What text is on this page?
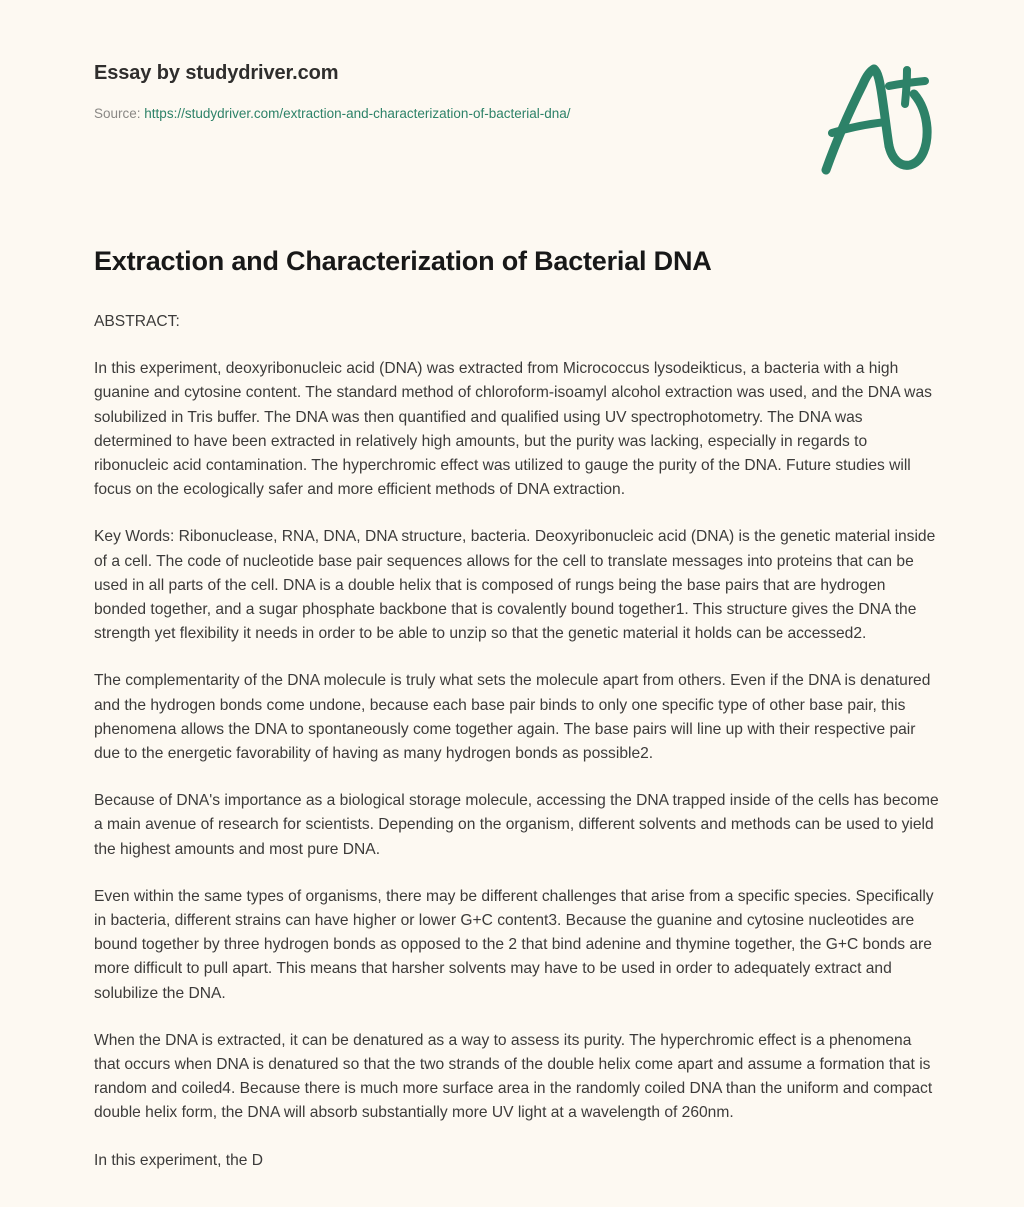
Essay by studydriver.com
Source: https://studydriver.com/extraction-and-characterization-of-bacterial-dna/
Extraction and Characterization of Bacterial DNA

ABSTRACT:

In this experiment, deoxyribonucleic acid (DNA) was extracted from Micrococcus lysodeikticus, a bacteria with a high guanine and cytosine content. The standard method of chloroform-isoamyl alcohol extraction was used, and the DNA was solubilized in Tris buffer. The DNA was then quantified and qualified using UV spectrophotometry. The DNA was determined to have been extracted in relatively high amounts, but the purity was lacking, especially in regards to ribonucleic acid contamination. The hyperchromic effect was utilized to gauge the purity of the DNA. Future studies will focus on the ecologically safer and more efficient methods of DNA extraction.

Key Words: Ribonuclease, RNA, DNA, DNA structure, bacteria. Deoxyribonucleic acid (DNA) is the genetic material inside of a cell. The code of nucleotide base pair sequences allows for the cell to translate messages into proteins that can be used in all parts of the cell. DNA is a double helix that is composed of rungs being the base pairs that are hydrogen bonded together, and a sugar phosphate backbone that is covalently bound together1. This structure gives the DNA the strength yet flexibility it needs in order to be able to unzip so that the genetic material it holds can be accessed2.

The complementarity of the DNA molecule is truly what sets the molecule apart from others. Even if the DNA is denatured and the hydrogen bonds come undone, because each base pair binds to only one specific type of other base pair, this phenomena allows the DNA to spontaneously come together again. The base pairs will line up with their respective pair due to the energetic favorability of having as many hydrogen bonds as possible2.

Because of DNA's importance as a biological storage molecule, accessing the DNA trapped inside of the cells has become a main avenue of research for scientists. Depending on the organism, different solvents and methods can be used to yield the highest amounts and most pure DNA.

Even within the same types of organisms, there may be different challenges that arise from a specific species. Specifically in bacteria, different strains can have higher or lower G+C content3. Because the guanine and cytosine nucleotides are bound together by three hydrogen bonds as opposed to the 2 that bind adenine and thymine together, the G+C bonds are more difficult to pull apart. This means that harsher solvents may have to be used in order to adequately extract and solubilize the DNA.

When the DNA is extracted, it can be denatured as a way to assess its purity. The hyperchromic effect is a phenomena that occurs when DNA is denatured so that the two strands of the double helix come apart and assume a formation that is random and coiled4. Because there is much more surface area in the randomly coiled DNA than the uniform and compact double helix form, the DNA will absorb substantially more UV light at a wavelength of 260nm.

In this experiment, the D
